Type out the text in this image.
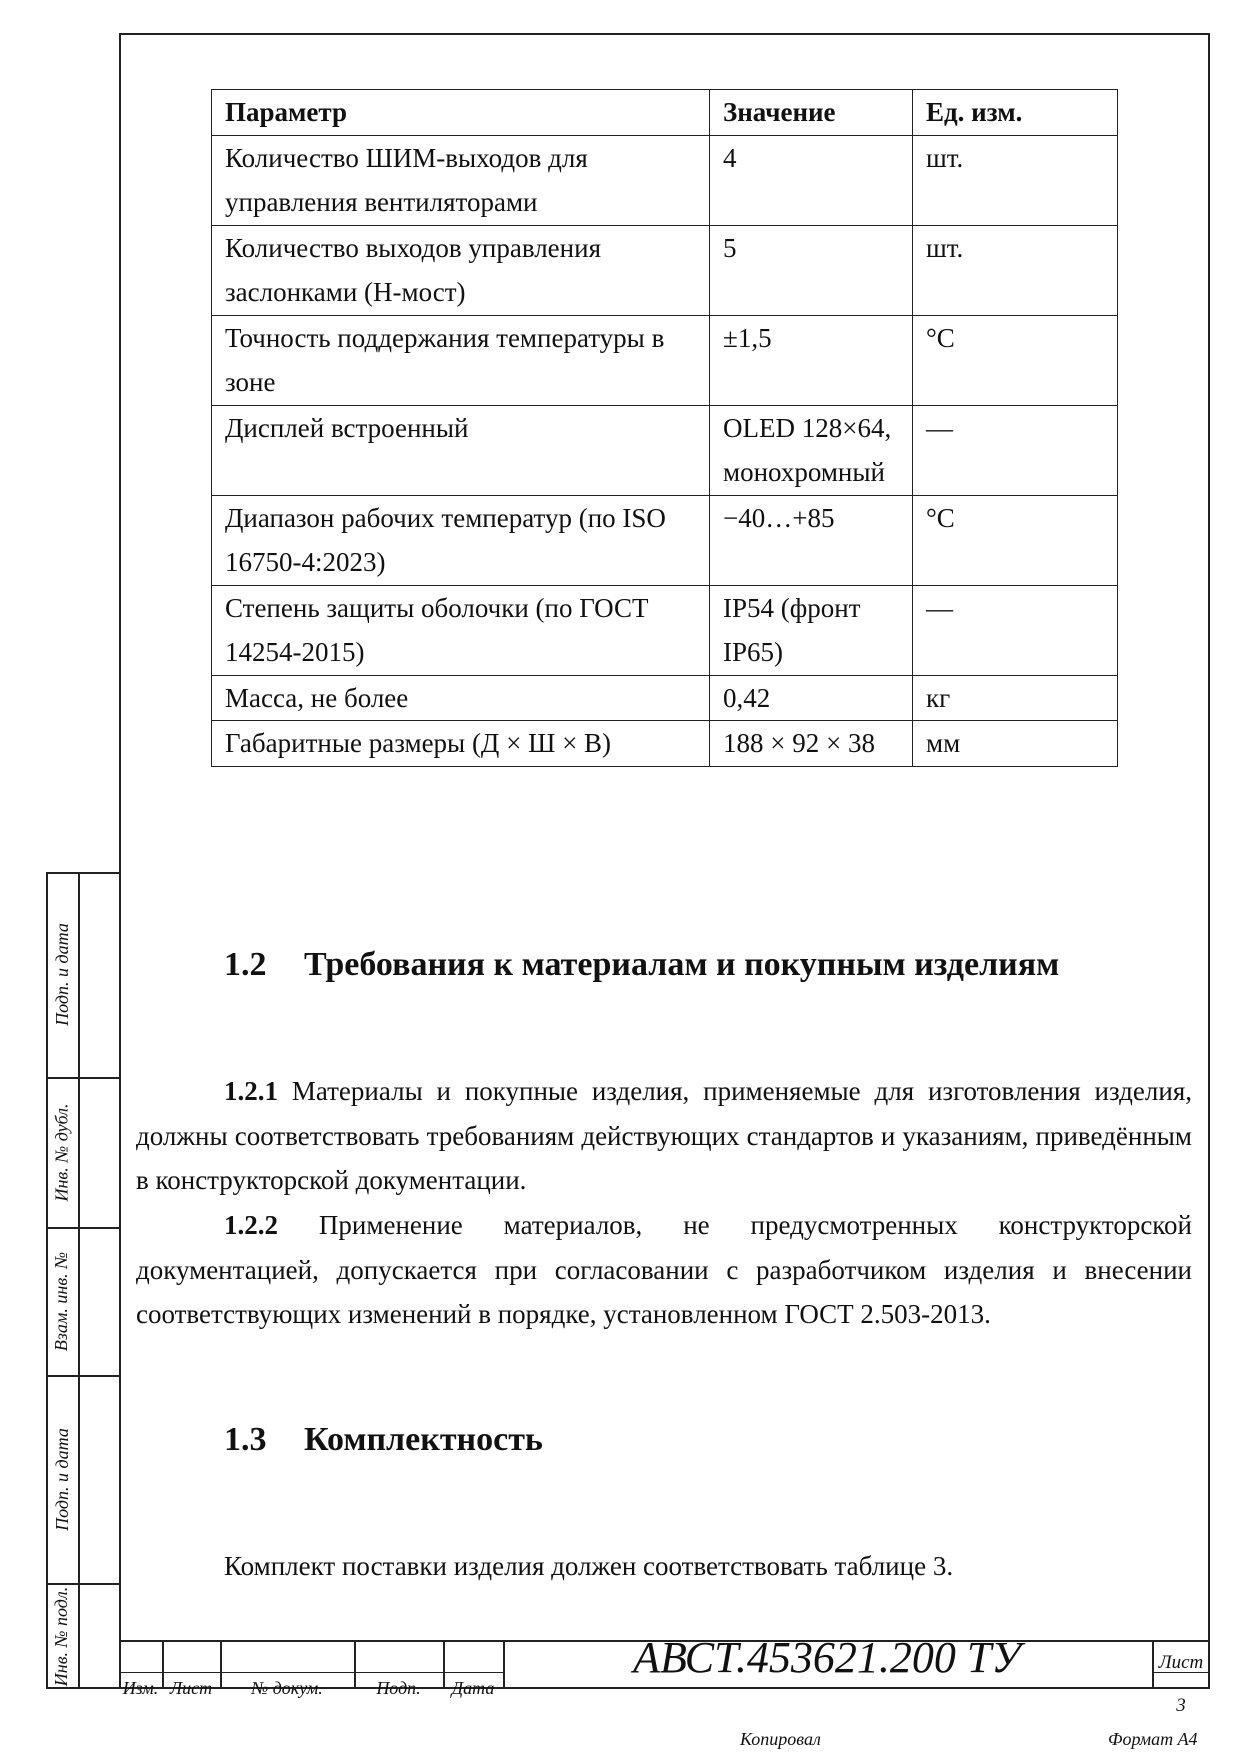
Подп. и дата
Инв. № дубл.
Взам. инв. №
Подп. и дата
Инв. № подл.
Параметр	Значение	Ед. изм.
Количество ШИМ-выходов для управления вентиляторами	4	шт.
Количество выходов управления заслонками (Н-мост)	5	шт.
Точность поддержания температуры в зоне	±1,5	°C
Дисплей встроенный	OLED 128×64, монохромный	—
Диапазон рабочих температур (по ISO 16750-4:2023)	−40…+85	°C
Степень защиты оболочки (по ГОСТ 14254-2015)	IP54 (фронт IP65)	—
Масса, не более	0,42	кг
Габаритные размеры (Д × Ш × В)	188 × 92 × 38	мм
1.2 Требования к материалам и покупным изделиям
1.2.1 Материалы и покупные изделия, применяемые для изготовления изделия, должны соответствовать требованиям действующих стандартов и указаниям, приведённым в конструкторской документации.
1.2.2 Применение материалов, не предусмотренных конструкторской документацией, допускается при согласовании с разработчиком изделия и внесении соответствующих изменений в порядке, установленном ГОСТ 2.503-2013.
1.3 Комплектность
Комплект поставки изделия должен соответствовать таблице 3.
Изм. Лист	№ докум.	Подп.	Дата
АВСТ.453621.200 ТУ	Лист
3
Копировал	Формат А4
